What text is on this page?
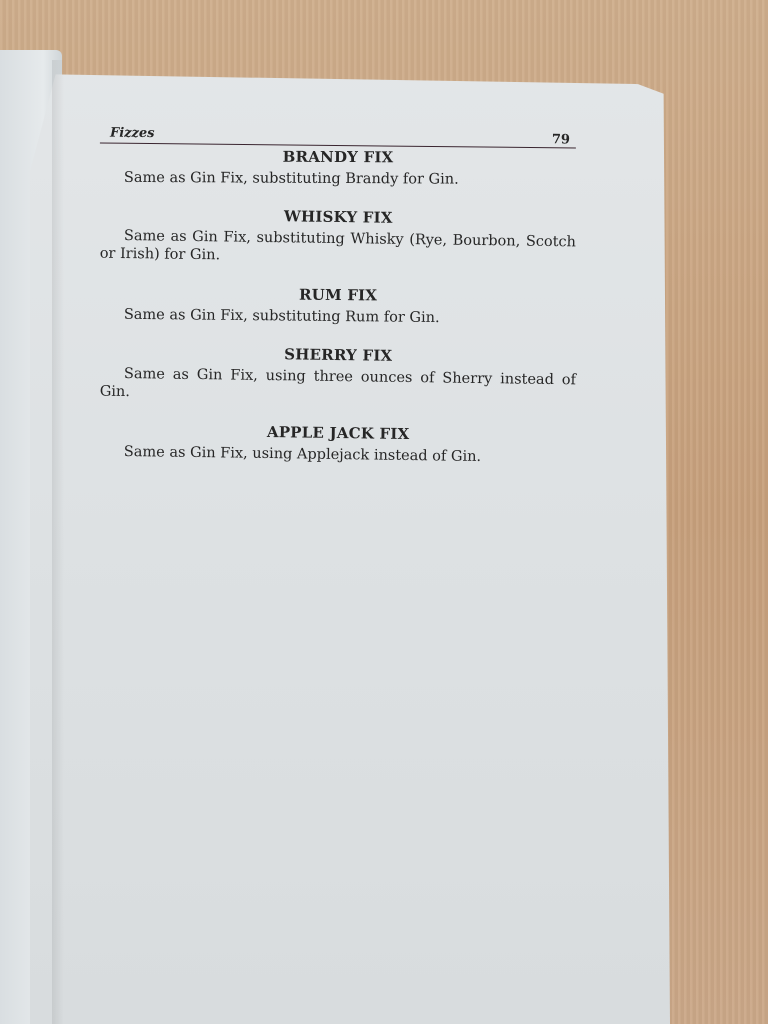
Fizzes	79
BRANDY FIX

Same as Gin Fix, substituting Brandy for Gin.

WHISKY FIX

Same as Gin Fix, substituting Whisky (Rye, Bourbon, Scotch or Irish) for Gin.

RUM FIX

Same as Gin Fix, substituting Rum for Gin.

SHERRY FIX

Same as Gin Fix, using three ounces of Sherry instead of Gin.

APPLE JACK FIX

Same as Gin Fix, using Applejack instead of Gin.
